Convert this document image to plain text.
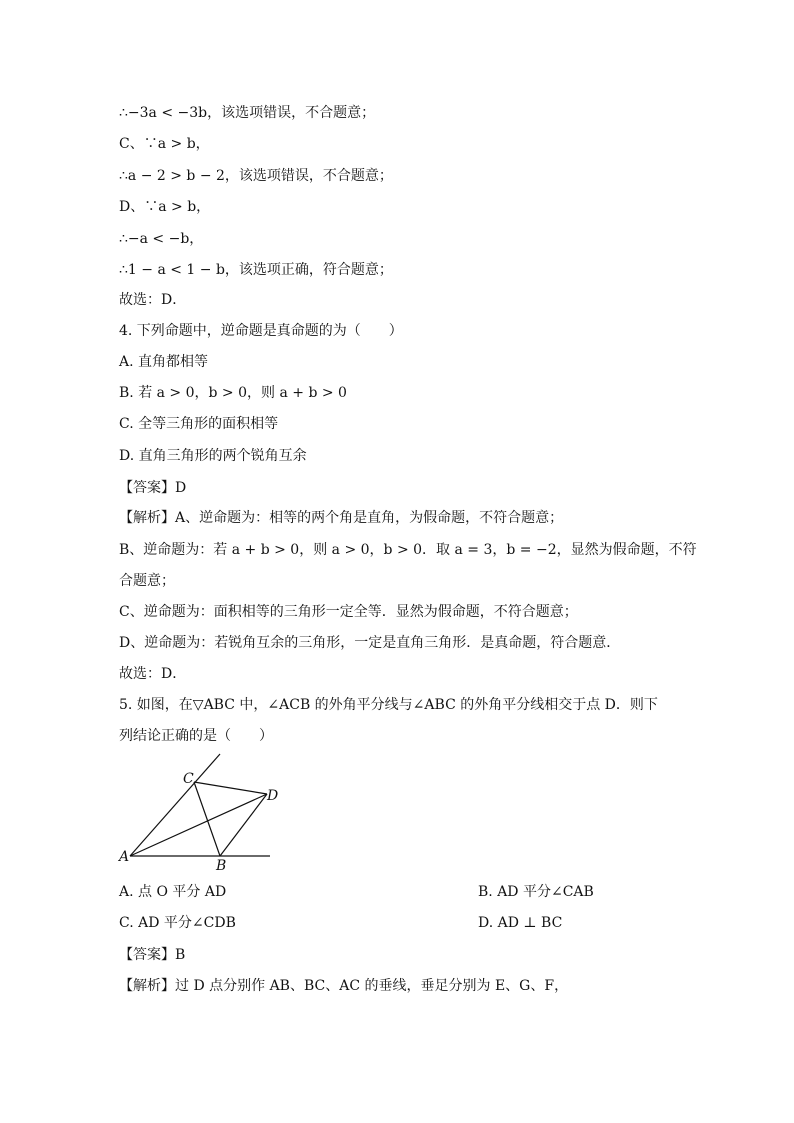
∴−3a < −3b，该选项错误，不合题意；
C、∵a > b，
∴a − 2 > b − 2，该选项错误，不合题意；
D、∵a > b，
∴−a < −b，
∴1 − a < 1 − b，该选项正确，符合题意；
故选：D．
4. 下列命题中，逆命题是真命题的为（　　）
A. 直角都相等
B. 若 a > 0，b > 0，则 a + b > 0
C. 全等三角形的面积相等
D. 直角三角形的两个锐角互余
【答案】D
【解析】A、逆命题为：相等的两个角是直角，为假命题，不符合题意；
B、逆命题为：若 a + b > 0，则 a > 0，b > 0．取 a = 3，b = −2，显然为假命题，不符
合题意；
C、逆命题为：面积相等的三角形一定全等．显然为假命题，不符合题意；
D、逆命题为：若锐角互余的三角形，一定是直角三角形．是真命题，符合题意．
故选：D．
5. 如图，在▽ABC 中，∠ACB 的外角平分线与∠ABC 的外角平分线相交于点 D．则下
列结论正确的是（　　）
A
B
C
D
A. 点 O 平分 AD	B. AD 平分∠CAB
C. AD 平分∠CDB	D. AD ⊥ BC
【答案】B
【解析】过 D 点分别作 AB、BC、AC 的垂线，垂足分别为 E、G、F，
